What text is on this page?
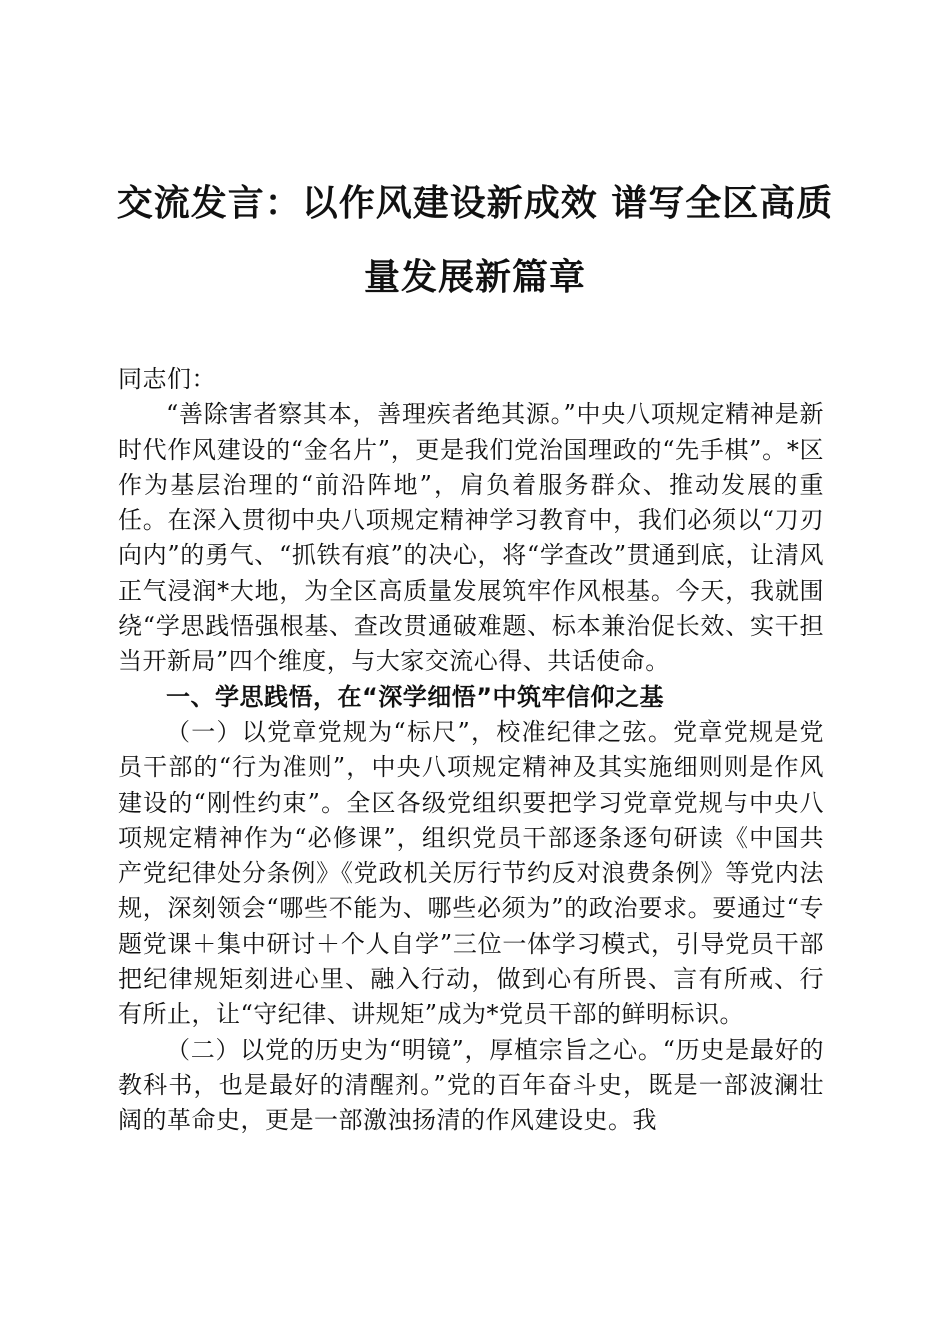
交流发言：以作风建设新成效 谱写全区高质量发展新篇章

同志们：

“善除害者察其本，善理疾者绝其源。”中央八项规定精神是新时代作风建设的“金名片”，更是我们党治国理政的“先手棋”。*区作为基层治理的“前沿阵地”，肩负着服务群众、推动发展的重任。在深入贯彻中央八项规定精神学习教育中，我们必须以“刀刃向内”的勇气、“抓铁有痕”的决心，将“学查改”贯通到底，让清风正气浸润*大地，为全区高质量发展筑牢作风根基。今天，我就围绕“学思践悟强根基、查改贯通破难题、标本兼治促长效、实干担当开新局”四个维度，与大家交流心得、共话使命。

一、学思践悟，在“深学细悟”中筑牢信仰之基

（一）以党章党规为“标尺”，校准纪律之弦。党章党规是党员干部的“行为准则”，中央八项规定精神及其实施细则则是作风建设的“刚性约束”。全区各级党组织要把学习党章党规与中央八项规定精神作为“必修课”，组织党员干部逐条逐句研读《中国共产党纪律处分条例》《党政机关厉行节约反对浪费条例》等党内法规，深刻领会“哪些不能为、哪些必须为”的政治要求。要通过“专题党课＋集中研讨＋个人自学”三位一体学习模式，引导党员干部把纪律规矩刻进心里、融入行动，做到心有所畏、言有所戒、行有所止，让“守纪律、讲规矩”成为*党员干部的鲜明标识。

（二）以党的历史为“明镜”，厚植宗旨之心。“历史是最好的教科书，也是最好的清醒剂。”党的百年奋斗史，既是一部波澜壮阔的革命史，更是一部激浊扬清的作风建设史。我
